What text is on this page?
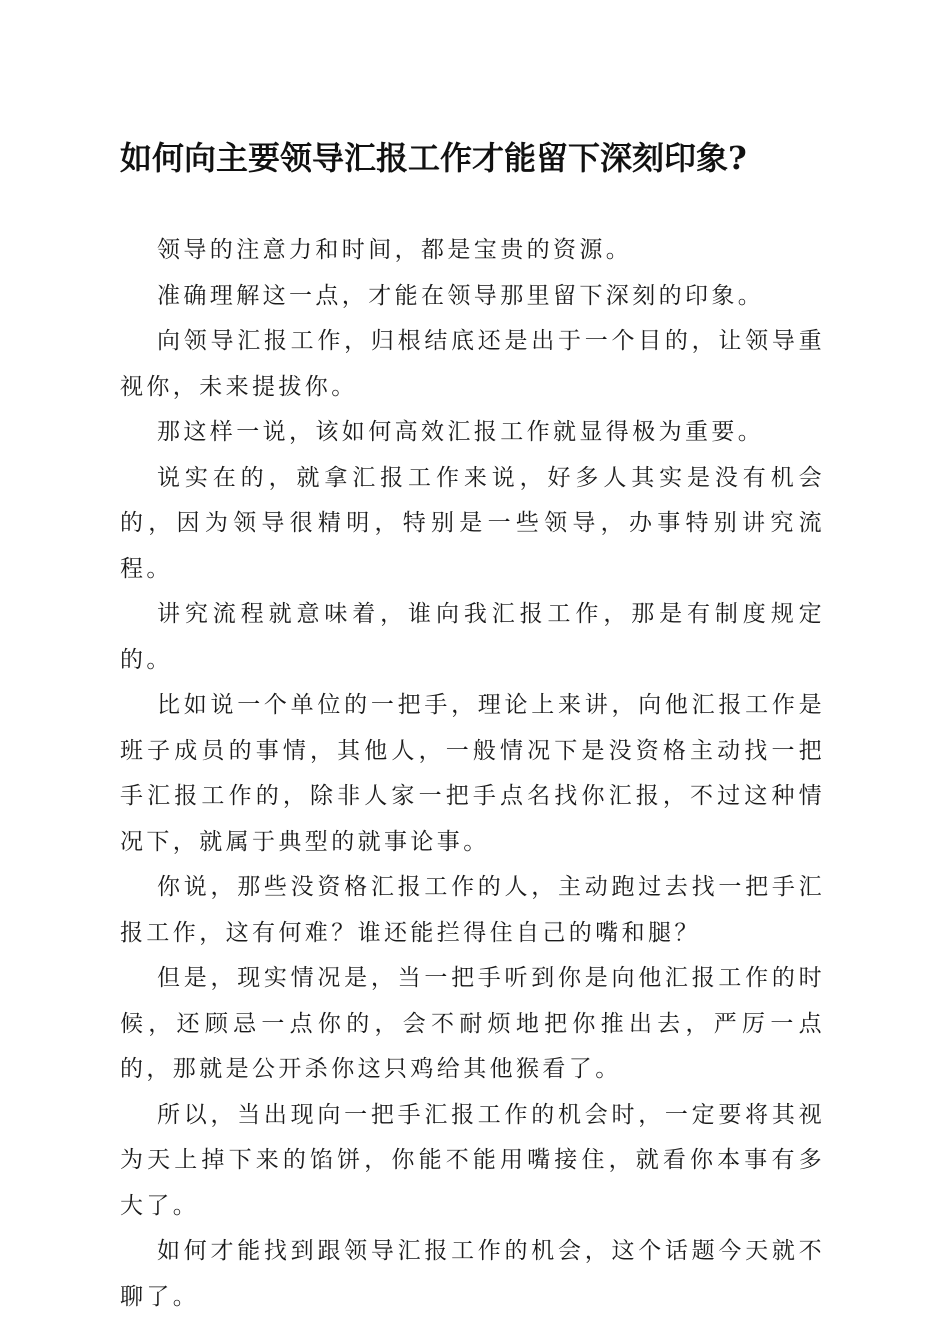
如何向主要领导汇报工作才能留下深刻印象?

领导的注意力和时间，都是宝贵的资源。

准确理解这一点，才能在领导那里留下深刻的印象。

向领导汇报工作，归根结底还是出于一个目的，让领导重视你，未来提拔你。

那这样一说，该如何高效汇报工作就显得极为重要。

说实在的，就拿汇报工作来说，好多人其实是没有机会的，因为领导很精明，特别是一些领导，办事特别讲究流程。

讲究流程就意味着，谁向我汇报工作，那是有制度规定的。

比如说一个单位的一把手，理论上来讲，向他汇报工作是班子成员的事情，其他人，一般情况下是没资格主动找一把手汇报工作的，除非人家一把手点名找你汇报，不过这种情况下，就属于典型的就事论事。

你说，那些没资格汇报工作的人，主动跑过去找一把手汇报工作，这有何难？谁还能拦得住自己的嘴和腿？

但是，现实情况是，当一把手听到你是向他汇报工作的时候，还顾忌一点你的，会不耐烦地把你推出去，严厉一点的，那就是公开杀你这只鸡给其他猴看了。

所以，当出现向一把手汇报工作的机会时，一定要将其视为天上掉下来的馅饼，你能不能用嘴接住，就看你本事有多大了。

如何才能找到跟领导汇报工作的机会，这个话题今天就不聊了。
